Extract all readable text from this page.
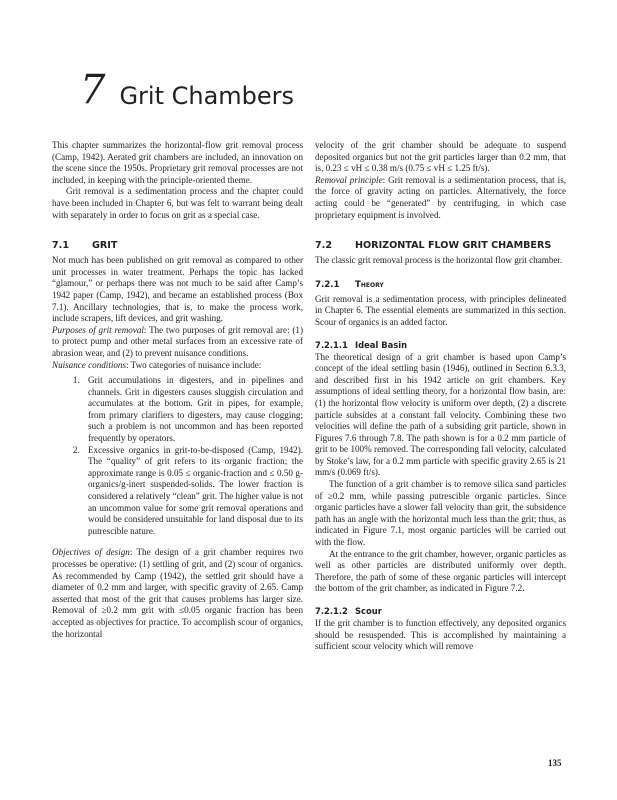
7 Grit Chambers

This chapter summarizes the horizontal-flow grit removal process (Camp, 1942). Aerated grit chambers are included, an innovation on the scene since the 1950s. Proprietary grit removal processes are not included, in keeping with the principle-oriented theme.

Grit removal is a sedimentation process and the chapter could have been included in Chapter 6, but was felt to warrant being dealt with separately in order to focus on grit as a special case.

7.1 GRIT

Not much has been published on grit removal as compared to other unit processes in water treatment. Perhaps the topic has lacked “glamour,” or perhaps there was not much to be said after Camp’s 1942 paper (Camp, 1942), and became an established process (Box 7.1). Ancillary technologies, that is, to make the process work, include scrapers, lift devices, and grit washing.

Purposes of grit removal: The two purposes of grit removal are: (1) to protect pump and other metal surfaces from an excessive rate of abrasion wear, and (2) to prevent nuisance conditions.

Nuisance conditions: Two categories of nuisance include:

1. Grit accumulations in digesters, and in pipelines and channels. Grit in digesters causes sluggish circulation and accumulates at the bottom. Grit in pipes, for example, from primary clarifiers to digesters, may cause clogging; such a problem is not uncommon and has been reported frequently by operators.
2. Excessive organics in grit-to-be-disposed (Camp, 1942). The “quality” of grit refers to its organic fraction; the approximate range is 0.05 ≤ organic-fraction and ≤ 0.50 g-organics/g-inert suspended-solids. The lower fraction is considered a relatively “clean” grit. The higher value is not an uncommon value for some grit removal operations and would be considered unsuitable for land disposal due to its putrescible nature.

Objectives of design: The design of a grit chamber requires two processes be operative: (1) settling of grit, and (2) scour of organics. As recommended by Camp (1942), the settled grit should have a diameter of 0.2 mm and larger, with specific gravity of 2.65. Camp asserted that most of the grit that causes problems has larger size. Removal of ≥0.2 mm grit with ≤0.05 organic fraction has been accepted as objectives for practice. To accomplish scour of organics, the horizontal

velocity of the grit chamber should be adequate to suspend deposited organics but not the grit particles larger than 0.2 mm, that is, 0.23 ≤ vH ≤ 0.38 m/s (0.75 ≤ vH ≤ 1.25 ft/s).

Removal principle: Grit removal is a sedimentation process, that is, the force of gravity acting on particles. Alternatively, the force acting could be “generated” by centrifuging, in which case proprietary equipment is involved.

7.2 HORIZONTAL FLOW GRIT CHAMBERS

The classic grit removal process is the horizontal flow grit chamber.

7.2.1 Theory

Grit removal is a sedimentation process, with principles delineated in Chapter 6. The essential elements are summarized in this section. Scour of organics is an added factor.

7.2.1.1 Ideal Basin

The theoretical design of a grit chamber is based upon Camp’s concept of the ideal settling basin (1946), outlined in Section 6.3.3, and described first in his 1942 article on grit chambers. Key assumptions of ideal settling theory, for a horizontal flow basin, are: (1) the horizontal flow velocity is uniform over depth, (2) a discrete particle subsides at a constant fall velocity. Combining these two velocities will define the path of a subsiding grit particle, shown in Figures 7.6 through 7.8. The path shown is for a 0.2 mm particle of grit to be 100% removed. The corresponding fall velocity, calculated by Stoke’s law, for a 0.2 mm particle with specific gravity 2.65 is 21 mm/s (0.069 ft/s).

The function of a grit chamber is to remove silica sand particles of ≥0.2 mm, while passing putrescible organic particles. Since organic particles have a slower fall velocity than grit, the subsidence path has an angle with the horizontal much less than the grit; thus, as indicated in Figure 7.1, most organic particles will be carried out with the flow.

At the entrance to the grit chamber, however, organic particles as well as other particles are distributed uniformly over depth. Therefore, the path of some of these organic particles will intercept the bottom of the grit chamber, as indicated in Figure 7.2.

7.2.1.2 Scour

If the grit chamber is to function effectively, any deposited organics should be resuspended. This is accomplished by maintaining a sufficient scour velocity which will remove

135
